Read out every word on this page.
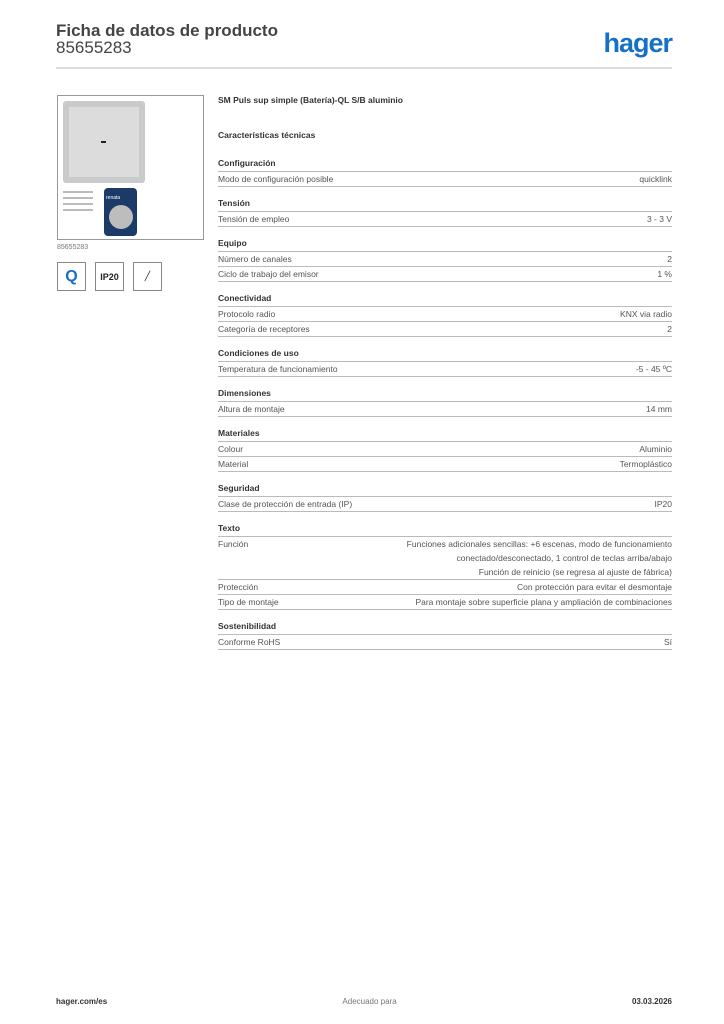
Ficha de datos de producto
85655283	hager
renata
85655283
Q	IP20	╱
SM Puls sup simple (Batería)-QL S/B aluminio
Características técnicas
Configuración
Modo de configuración posible	quicklink
Tensión
Tensión de empleo	3 - 3 V
Equipo
Número de canales	2
Ciclo de trabajo del emisor	1 %
Conectividad
Protocolo radio	KNX via radio
Categoría de receptores	2
Condiciones de uso
Temperatura de funcionamiento	-5 - 45 ºC
Dimensiones
Altura de montaje	14 mm
Materiales
Colour	Aluminio
Material	Termoplástico
Seguridad
Clase de protección de entrada (IP)	IP20
Texto
Función	Funciones adicionales sencillas: +6 escenas, modo de funcionamiento
conectado/desconectado, 1 control de teclas arriba/abajo
Función de reinicio (se regresa al ajuste de fábrica)
Protección	Con protección para evitar el desmontaje
Tipo de montaje	Para montaje sobre superficie plana y ampliación de combinaciones
Sostenibilidad
Conforme RoHS	Sí
hager.com/es	Adecuado para	03.03.2026
